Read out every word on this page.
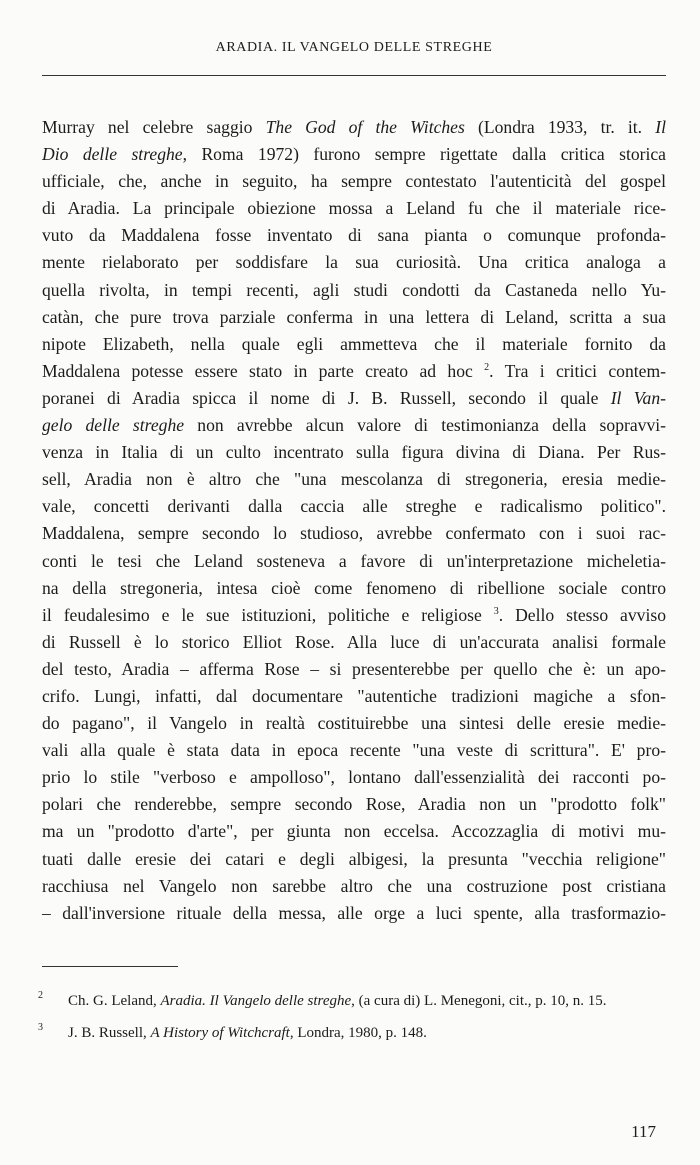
ARADIA. IL VANGELO DELLE STREGHE
Murray nel celebre saggio The God of the Witches (Londra 1933, tr. it. Il
Dio delle streghe, Roma 1972) furono sempre rigettate dalla critica storica
ufficiale, che, anche in seguito, ha sempre contestato l'autenticità del gospel
di Aradia. La principale obiezione mossa a Leland fu che il materiale rice-
vuto da Maddalena fosse inventato di sana pianta o comunque profonda-
mente rielaborato per soddisfare la sua curiosità. Una critica analoga a
quella rivolta, in tempi recenti, agli studi condotti da Castaneda nello Yu-
catàn, che pure trova parziale conferma in una lettera di Leland, scritta a sua
nipote Elizabeth, nella quale egli ammetteva che il materiale fornito da
Maddalena potesse essere stato in parte creato ad hoc $^2$. Tra i critici contem-
poranei di Aradia spicca il nome di J. B. Russell, secondo il quale Il Van-
gelo delle streghe non avrebbe alcun valore di testimonianza della sopravvi-
venza in Italia di un culto incentrato sulla figura divina di Diana. Per Rus-
sell, Aradia non è altro che "una mescolanza di stregoneria, eresia medie-
vale, concetti derivanti dalla caccia alle streghe e radicalismo politico".
Maddalena, sempre secondo lo studioso, avrebbe confermato con i suoi rac-
conti le tesi che Leland sosteneva a favore di un'interpretazione micheletia-
na della stregoneria, intesa cioè come fenomeno di ribellione sociale contro
il feudalesimo e le sue istituzioni, politiche e religiose $^3$. Dello stesso avviso
di Russell è lo storico Elliot Rose. Alla luce di un'accurata analisi formale
del testo, Aradia – afferma Rose – si presenterebbe per quello che è: un apo-
crifo. Lungi, infatti, dal documentare "autentiche tradizioni magiche a sfon-
do pagano", il Vangelo in realtà costituirebbe una sintesi delle eresie medie-
vali alla quale è stata data in epoca recente "una veste di scrittura". E' pro-
prio lo stile "verboso e ampolloso", lontano dall'essenzialità dei racconti po-
polari che renderebbe, sempre secondo Rose, Aradia non un "prodotto folk"
ma un "prodotto d'arte", per giunta non eccelsa. Accozzaglia di motivi mu-
tuati dalle eresie dei catari e degli albigesi, la presunta "vecchia religione"
racchiusa nel Vangelo non sarebbe altro che una costruzione post cristiana
– dall'inversione rituale della messa, alle orge a luci spente, alla trasformazio-
2 Ch. G. Leland, Aradia. Il Vangelo delle streghe, (a cura di) L. Menegoni, cit., p. 10, n. 15.
3 J. B. Russell, A History of Witchcraft, Londra, 1980, p. 148.
117
